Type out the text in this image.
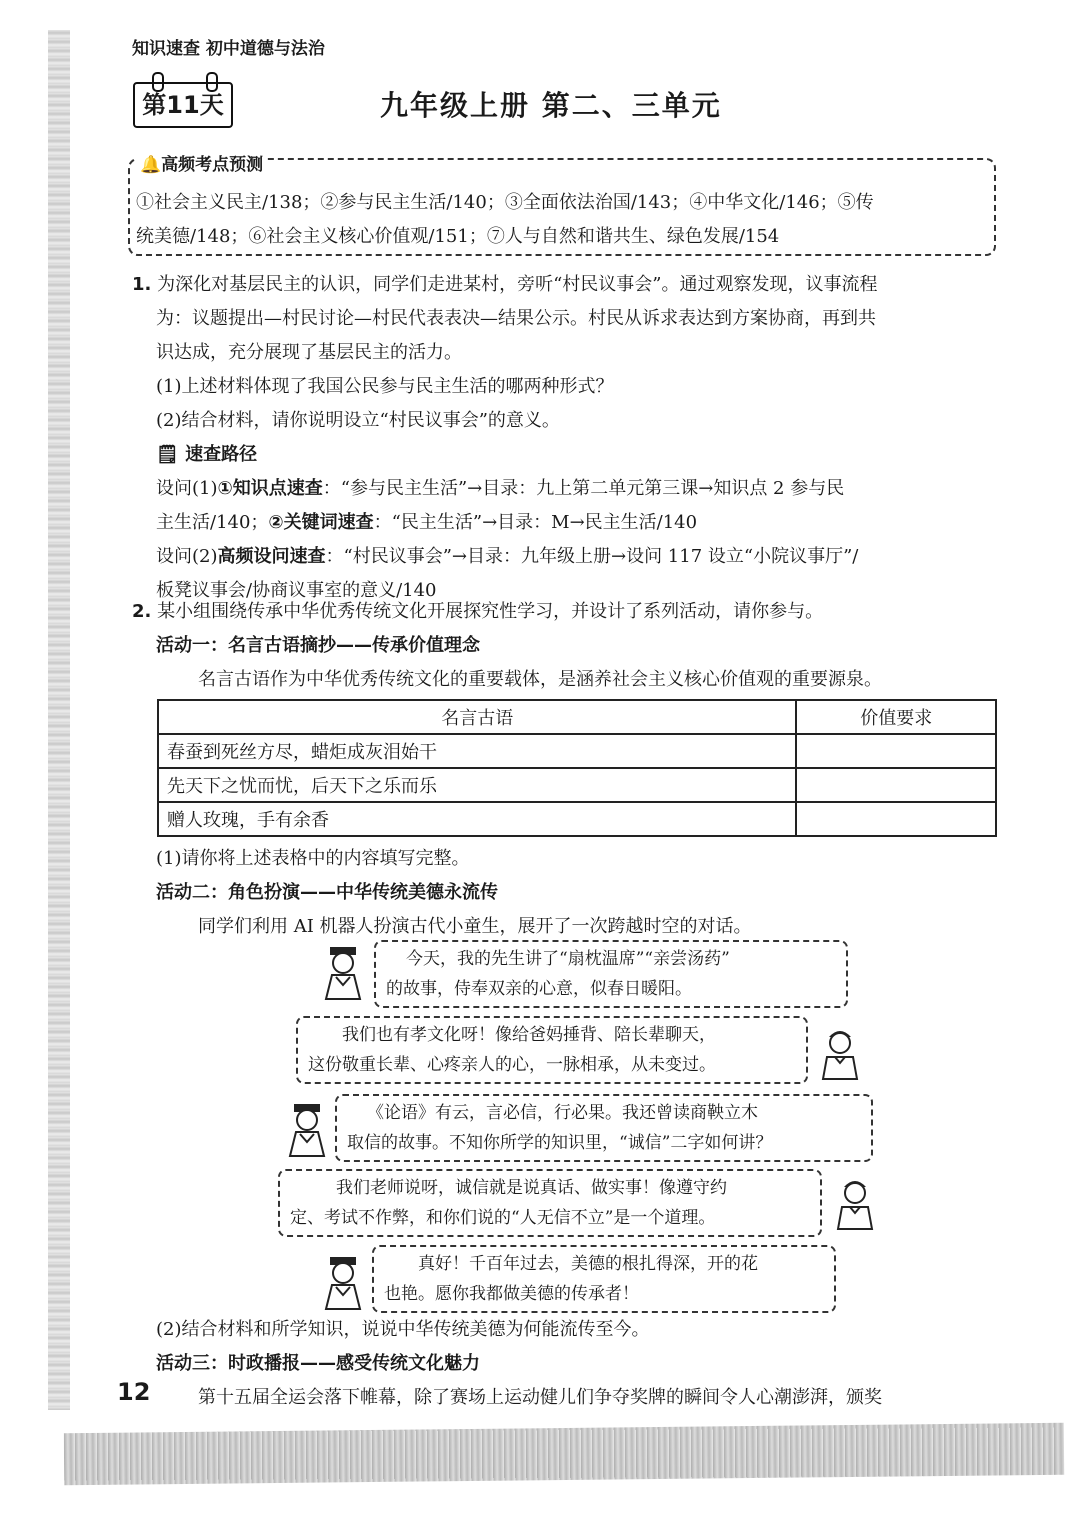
知识速查 初中道德与法治
第11天	九年级上册 第二、三单元
🔔高频考点预测
①社会主义民主/138；②参与民主生活/140；③全面依法治国/143；④中华文化/146；⑤传
统美德/148；⑥社会主义核心价值观/151；⑦人与自然和谐共生、绿色发展/154
1. 为深化对基层民主的认识，同学们走进某村，旁听“村民议事会”。通过观察发现，议事流程
为：议题提出—村民讨论—村民代表表决—结果公示。村民从诉求表达到方案协商，再到共
识达成，充分展现了基层民主的活力。
(1)上述材料体现了我国公民参与民主生活的哪两种形式？
(2)结合材料，请你说明设立“村民议事会”的意义。
🗒 速查路径
设问(1)①知识点速查：“参与民主生活”→目录：九上第二单元第三课→知识点 2 参与民
主生活/140；②关键词速查：“民主生活”→目录：M→民主生活/140
设问(2)高频设问速查：“村民议事会”→目录：九年级上册→设问 117 设立“小院议事厅”/
板凳议事会/协商议事室的意义/140
2. 某小组围绕传承中华优秀传统文化开展探究性学习，并设计了系列活动，请你参与。
活动一：名言古语摘抄——传承价值理念
名言古语作为中华优秀传统文化的重要载体，是涵养社会主义核心价值观的重要源泉。
名言古语	价值要求
春蚕到死丝方尽，蜡炬成灰泪始干	
先天下之忧而忧，后天下之乐而乐	
赠人玫瑰，手有余香	
(1)请你将上述表格中的内容填写完整。
活动二：角色扮演——中华传统美德永流传
同学们利用 AI 机器人扮演古代小童生，展开了一次跨越时空的对话。
今天，我的先生讲了“扇枕温席”“亲尝汤药”
的故事，侍奉双亲的心意，似春日暖阳。
我们也有孝文化呀！像给爸妈捶背、陪长辈聊天，
这份敬重长辈、心疼亲人的心，一脉相承，从未变过。
《论语》有云，言必信，行必果。我还曾读商鞅立木
取信的故事。不知你所学的知识里，“诚信”二字如何讲？
我们老师说呀，诚信就是说真话、做实事！像遵守约
定、考试不作弊，和你们说的“人无信不立”是一个道理。
真好！千百年过去，美德的根扎得深，开的花
也艳。愿你我都做美德的传承者！
(2)结合材料和所学知识，说说中华传统美德为何能流传至今。
活动三：时政播报——感受传统文化魅力
第十五届全运会落下帷幕，除了赛场上运动健儿们争夺奖牌的瞬间令人心潮澎湃，颁奖
12
